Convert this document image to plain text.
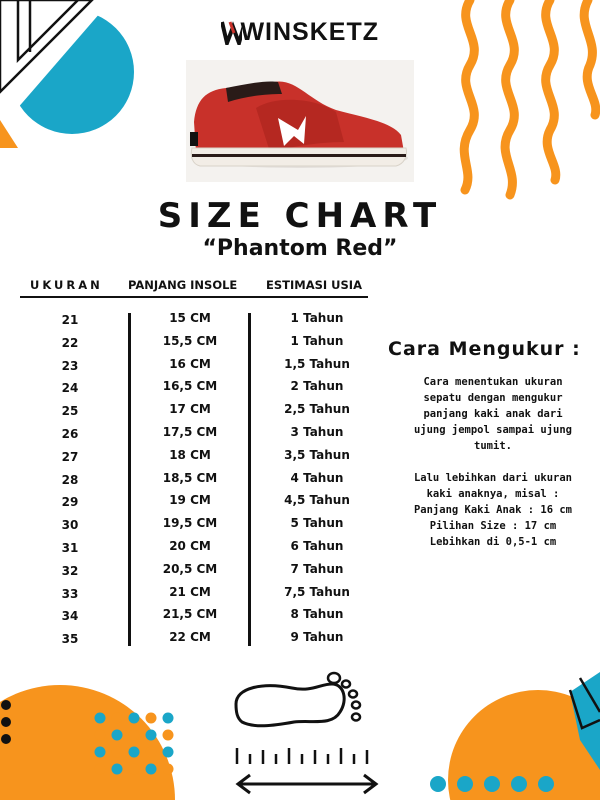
WINSKETZ
SIZE CHART
“Phantom Red”
UKURAN	PANJANG INSOLE	ESTIMASI USIA
21	15 CM	1 Tahun
22	15,5 CM	1 Tahun
23	16 CM	1,5 Tahun
24	16,5 CM	2 Tahun
25	17 CM	2,5 Tahun
26	17,5 CM	3 Tahun
27	18 CM	3,5 Tahun
28	18,5 CM	4 Tahun
29	19 CM	4,5 Tahun
30	19,5 CM	5 Tahun
31	20 CM	6 Tahun
32	20,5 CM	7 Tahun
33	21 CM	7,5 Tahun
34	21,5 CM	8 Tahun
35	22 CM	9 Tahun
Cara Mengukur :
Cara menentukan ukuran
sepatu dengan mengukur
panjang kaki anak dari
ujung jempol sampai ujung
tumit.
Lalu lebihkan dari ukuran
kaki anaknya, misal :
Panjang Kaki Anak : 16 cm
Pilihan Size : 17 cm
Lebihkan di 0,5-1 cm
